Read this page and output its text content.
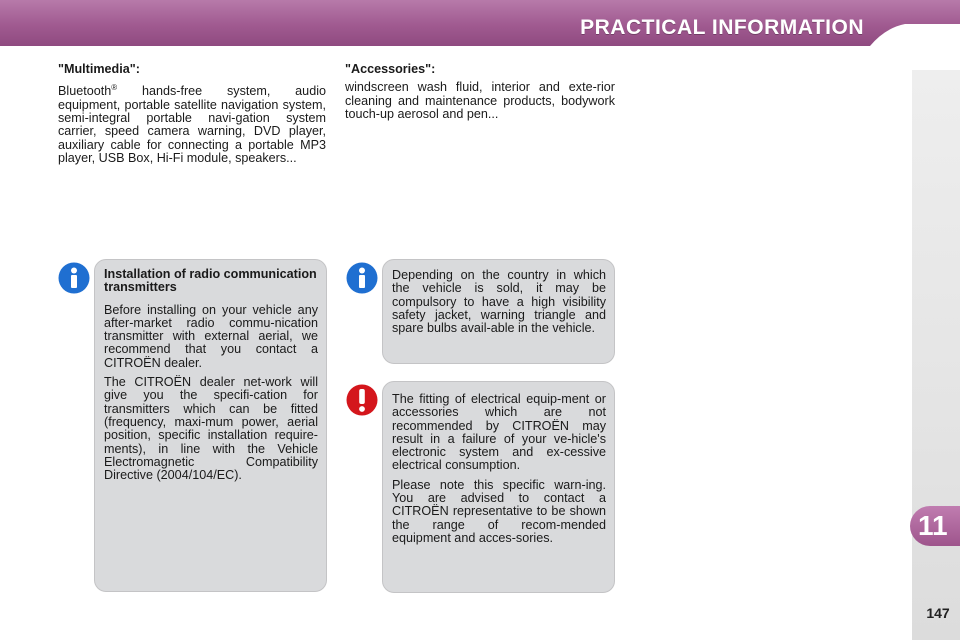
PRACTICAL INFORMATION
11
147
"Multimedia":

Bluetooth® hands-free system, audio equipment, portable satellite navigation system, semi-integral portable navi-gation system carrier, speed camera warning, DVD player, auxiliary cable for connecting a portable MP3 player, USB Box, Hi-Fi module, speakers...

"Accessories":

windscreen wash fluid, interior and exte-rior cleaning and maintenance products, bodywork touch-up aerosol and pen...

Installation of radio communication transmitters

Before installing on your vehicle any after-market radio commu-nication transmitter with external aerial, we recommend that you contact a CITROËN dealer.

The CITROËN dealer net-work will give you the specifi-cation for transmitters which can be fitted (frequency, maxi-mum power, aerial position, specific installation require-ments), in line with the Vehicle Electromagnetic Compatibility Directive (2004/104/EC).

Depending on the country in which the vehicle is sold, it may be compulsory to have a high visibility safety jacket, warning triangle and spare bulbs avail-able in the vehicle.

The fitting of electrical equip-ment or accessories which are not recommended by CITROËN may result in a failure of your ve-hicle's electronic system and ex-cessive electrical consumption.

Please note this specific warn-ing. You are advised to contact a CITROËN representative to be shown the range of recom-mended equipment and acces-sories.
